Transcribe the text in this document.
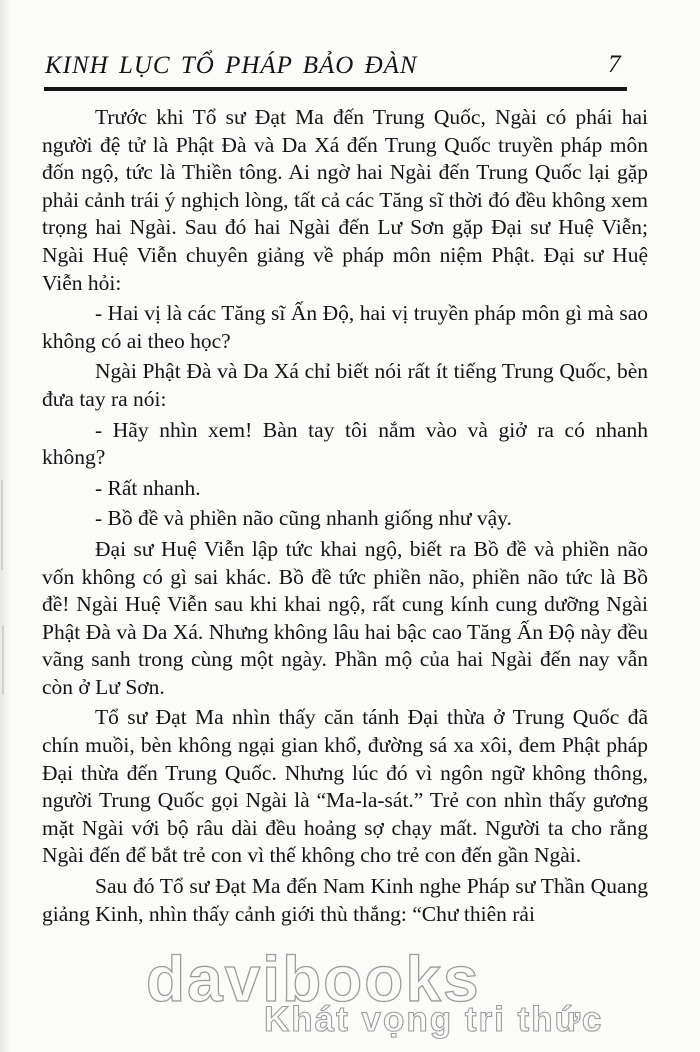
KINH LỤC TỔ PHÁP BẢO ĐÀN	7

Trước khi Tổ sư Đạt Ma đến Trung Quốc, Ngài có phái hai người đệ tử là Phật Đà và Da Xá đến Trung Quốc truyền pháp môn đốn ngộ, tức là Thiền tông. Ai ngờ hai Ngài đến Trung Quốc lại gặp phải cảnh trái ý nghịch lòng, tất cả các Tăng sĩ thời đó đều không xem trọng hai Ngài. Sau đó hai Ngài đến Lư Sơn gặp Đại sư Huệ Viễn; Ngài Huệ Viễn chuyên giảng về pháp môn niệm Phật. Đại sư Huệ Viễn hỏi:

- Hai vị là các Tăng sĩ Ấn Độ, hai vị truyền pháp môn gì mà sao không có ai theo học?

Ngài Phật Đà và Da Xá chỉ biết nói rất ít tiếng Trung Quốc, bèn đưa tay ra nói:

- Hãy nhìn xem! Bàn tay tôi nắm vào và giở ra có nhanh không?

- Rất nhanh.

- Bồ đề và phiền não cũng nhanh giống như vậy.

Đại sư Huệ Viễn lập tức khai ngộ, biết ra Bồ đề và phiền não vốn không có gì sai khác. Bồ đề tức phiền não, phiền não tức là Bồ đề! Ngài Huệ Viễn sau khi khai ngộ, rất cung kính cung dưỡng Ngài Phật Đà và Da Xá. Nhưng không lâu hai bậc cao Tăng Ấn Độ này đều vãng sanh trong cùng một ngày. Phần mộ của hai Ngài đến nay vẫn còn ở Lư Sơn.

Tổ sư Đạt Ma nhìn thấy căn tánh Đại thừa ở Trung Quốc đã chín muồi, bèn không ngại gian khổ, đường sá xa xôi, đem Phật pháp Đại thừa đến Trung Quốc. Nhưng lúc đó vì ngôn ngữ không thông, người Trung Quốc gọi Ngài là “Ma-la-sát.” Trẻ con nhìn thấy gương mặt Ngài với bộ râu dài đều hoảng sợ chạy mất. Người ta cho rằng Ngài đến để bắt trẻ con vì thế không cho trẻ con đến gần Ngài.

Sau đó Tổ sư Đạt Ma đến Nam Kinh nghe Pháp sư Thần Quang giảng Kinh, nhìn thấy cảnh giới thù thắng: “Chư thiên rải

davibooks
Khát vọng tri thức
